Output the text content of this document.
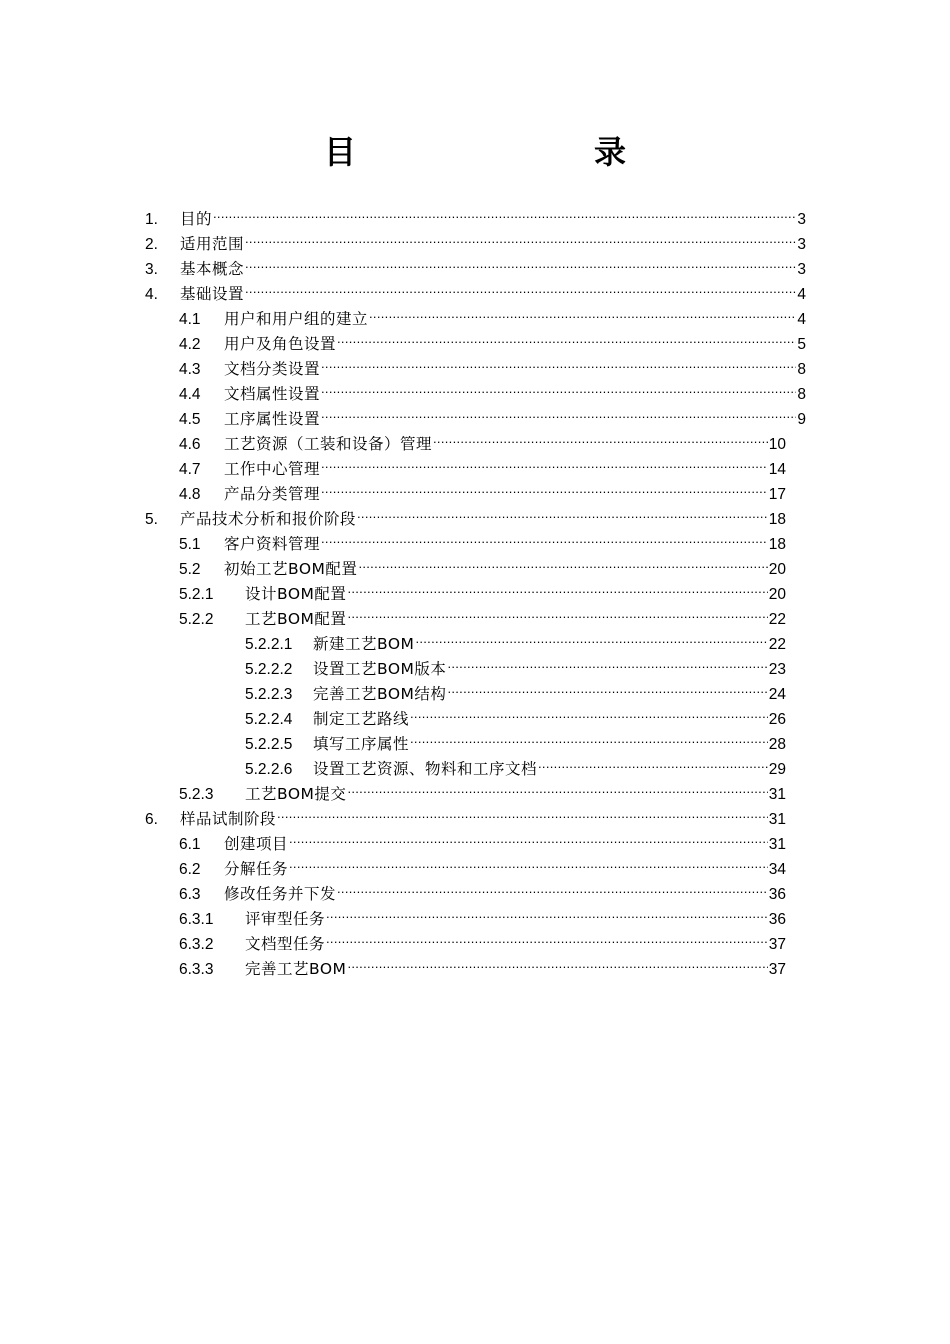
目　　录
1.	目的 .....	3
2.	适用范围 .....	3
3.	基本概念 .....	3
4.	基础设置 .....	4
4.1	用户和用户组的建立 .....	4
4.2	用户及角色设置 .....	5
4.3	文档分类设置 .....	8
4.4	文档属性设置 .....	8
4.5	工序属性设置 .....	9
4.6	工艺资源（工装和设备）管理 .....	10
4.7	工作中心管理 .....	14
4.8	产品分类管理 .....	17
5.	产品技术分析和报价阶段 .....	18
5.1	客户资料管理 .....	18
5.2	初始工艺BOM配置 .....	20
5.2.1	设计BOM配置 .....	20
5.2.2	工艺BOM配置 .....	22
5.2.2.1	新建工艺BOM .....	22
5.2.2.2	设置工艺BOM版本 .....	23
5.2.2.3	完善工艺BOM结构 .....	24
5.2.2.4	制定工艺路线 .....	26
5.2.2.5	填写工序属性 .....	28
5.2.2.6	设置工艺资源、物料和工序文档 .....	29
5.2.3	工艺BOM提交 .....	31
6.	样品试制阶段 .....	31
6.1	创建项目 .....	31
6.2	分解任务 .....	34
6.3	修改任务并下发 .....	36
6.3.1	评审型任务 .....	36
6.3.2	文档型任务 .....	37
6.3.3	完善工艺BOM .....	37
